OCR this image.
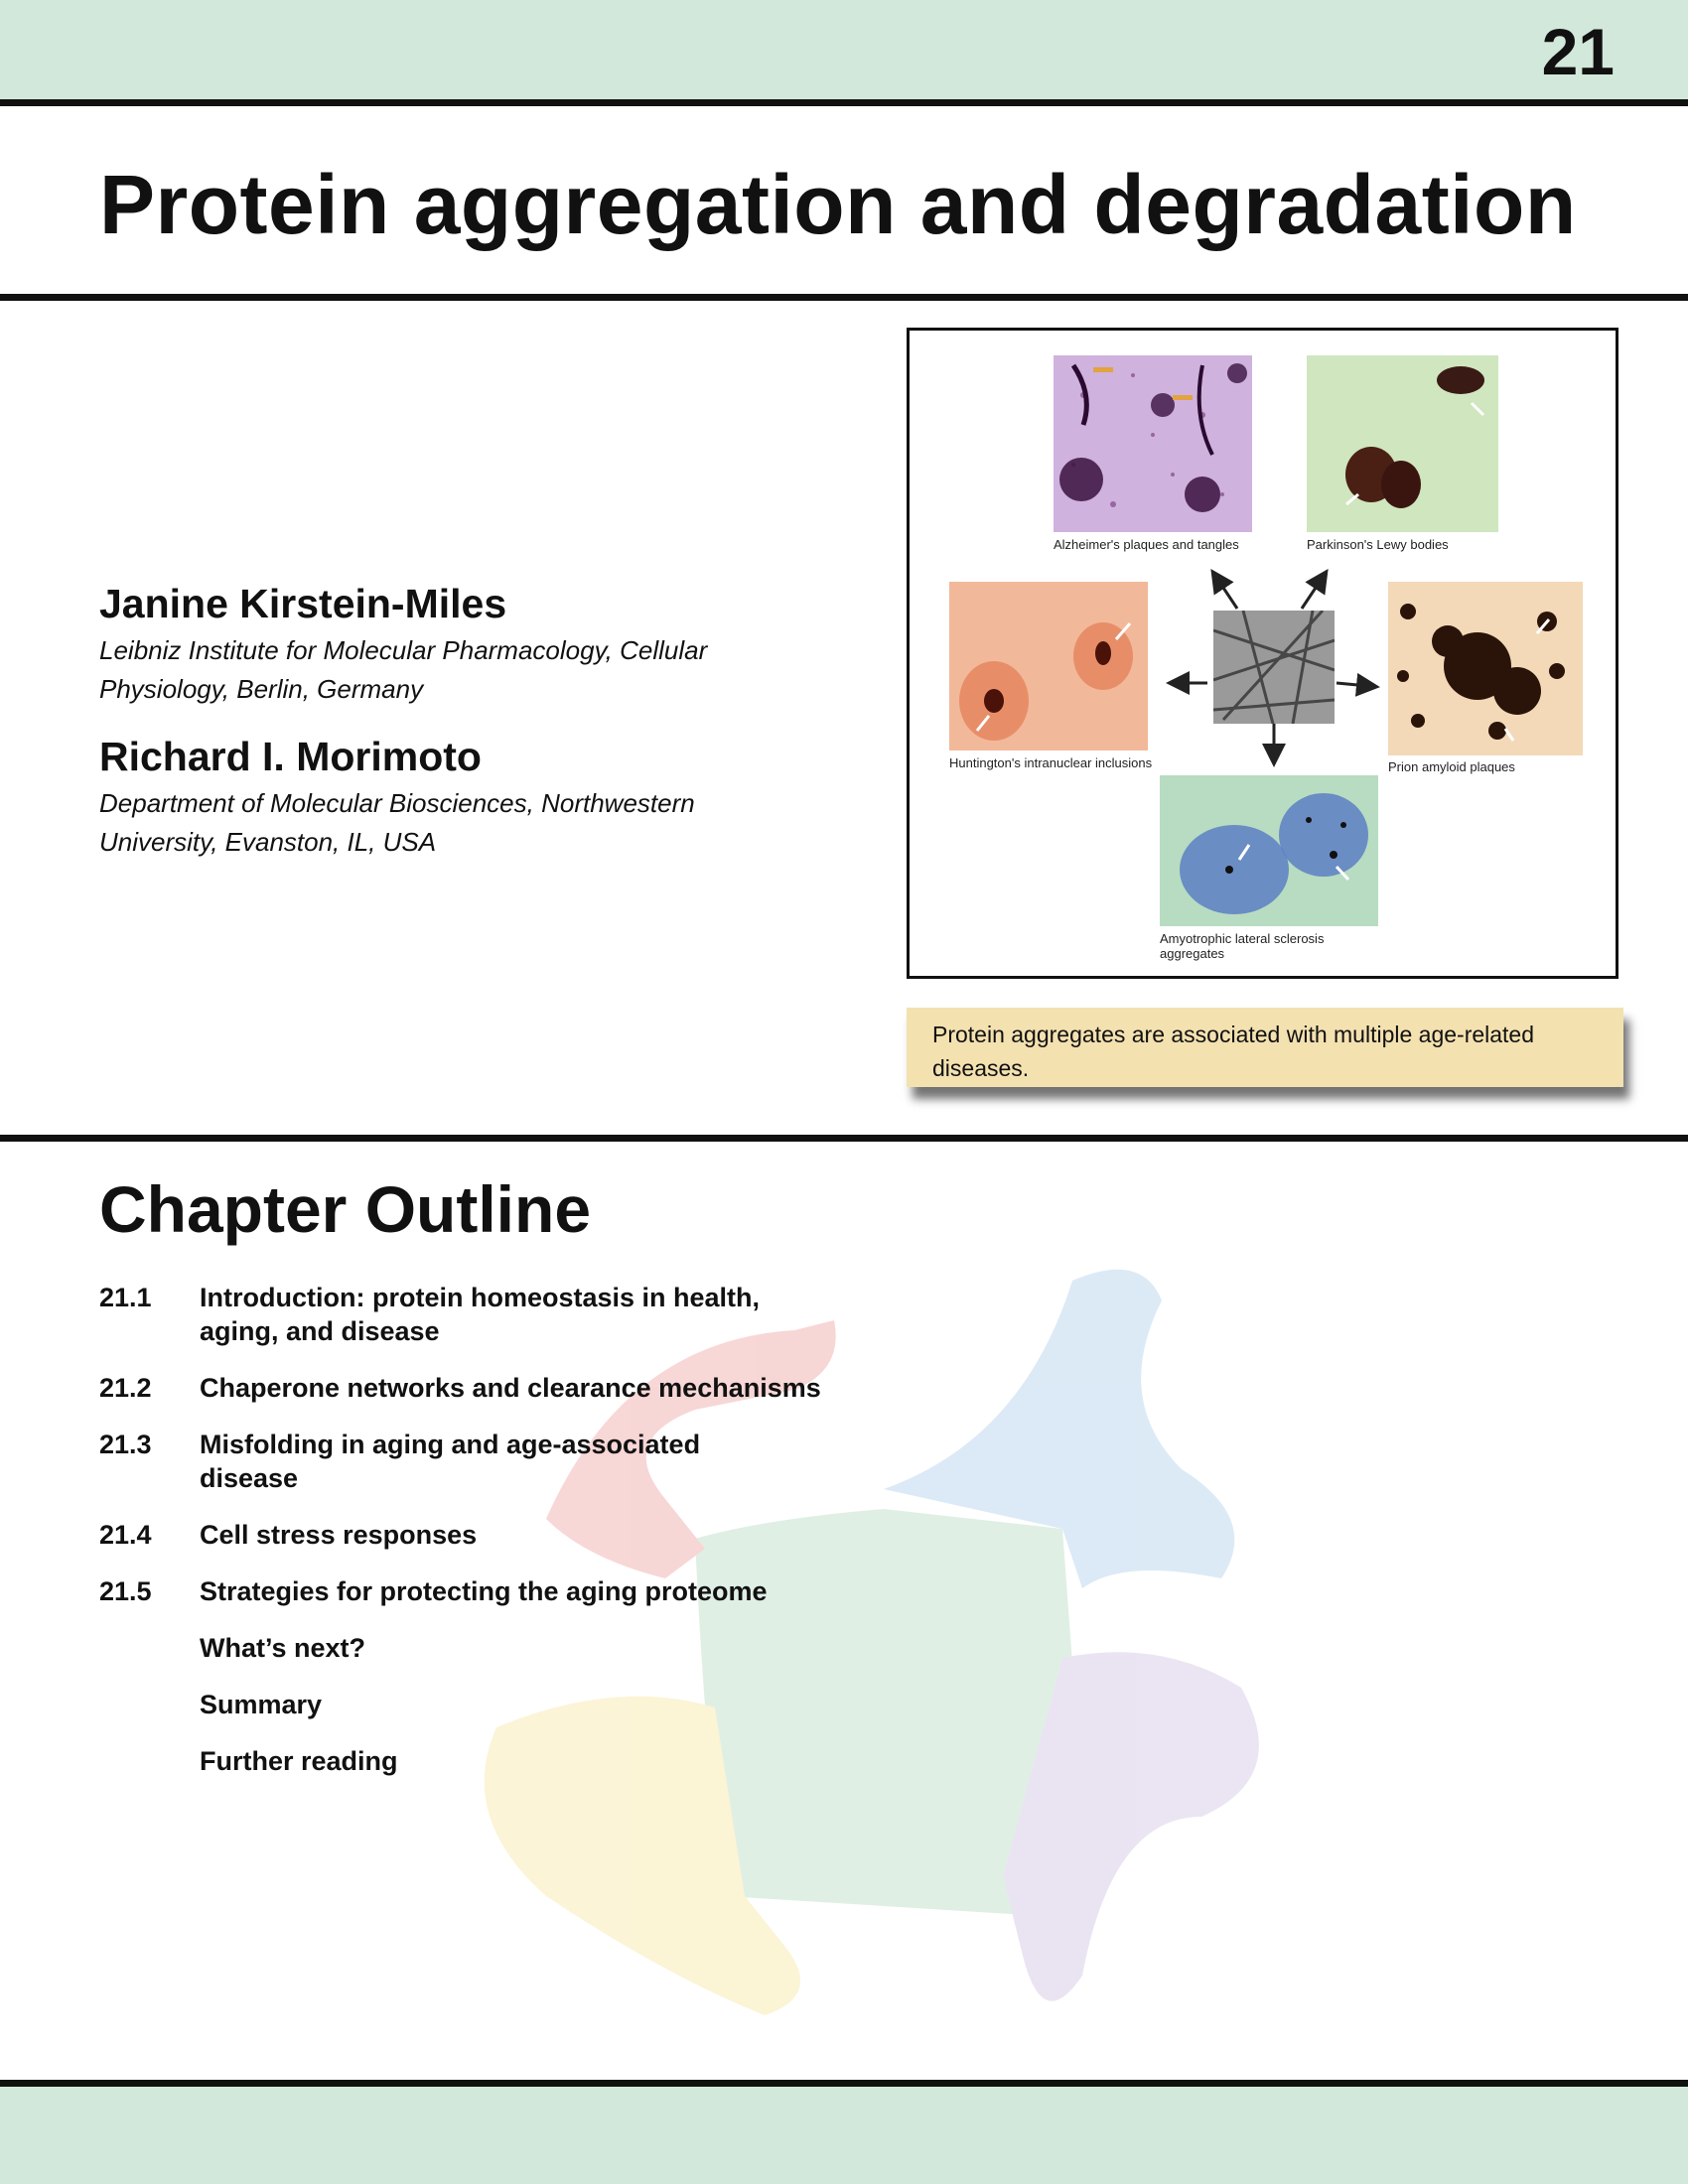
21
Protein aggregation and degradation
Janine Kirstein-Miles
Leibniz Institute for Molecular Pharmacology, Cellular Physiology, Berlin, Germany
Richard I. Morimoto
Department of Molecular Biosciences, Northwestern University, Evanston, IL, USA
Alzheimer's plaques and tangles	Parkinson's Lewy bodies
Huntington's intranuclear inclusions	Prion amyloid plaques
Amyotrophic lateral sclerosis aggregates
Protein aggregates are associated with multiple age-related diseases.
Chapter Outline
21.1 Introduction: protein homeostasis in health, aging, and disease
21.2 Chaperone networks and clearance mechanisms
21.3 Misfolding in aging and age-associated disease
21.4 Cell stress responses
21.5 Strategies for protecting the aging proteome
What’s next?
Summary
Further reading
